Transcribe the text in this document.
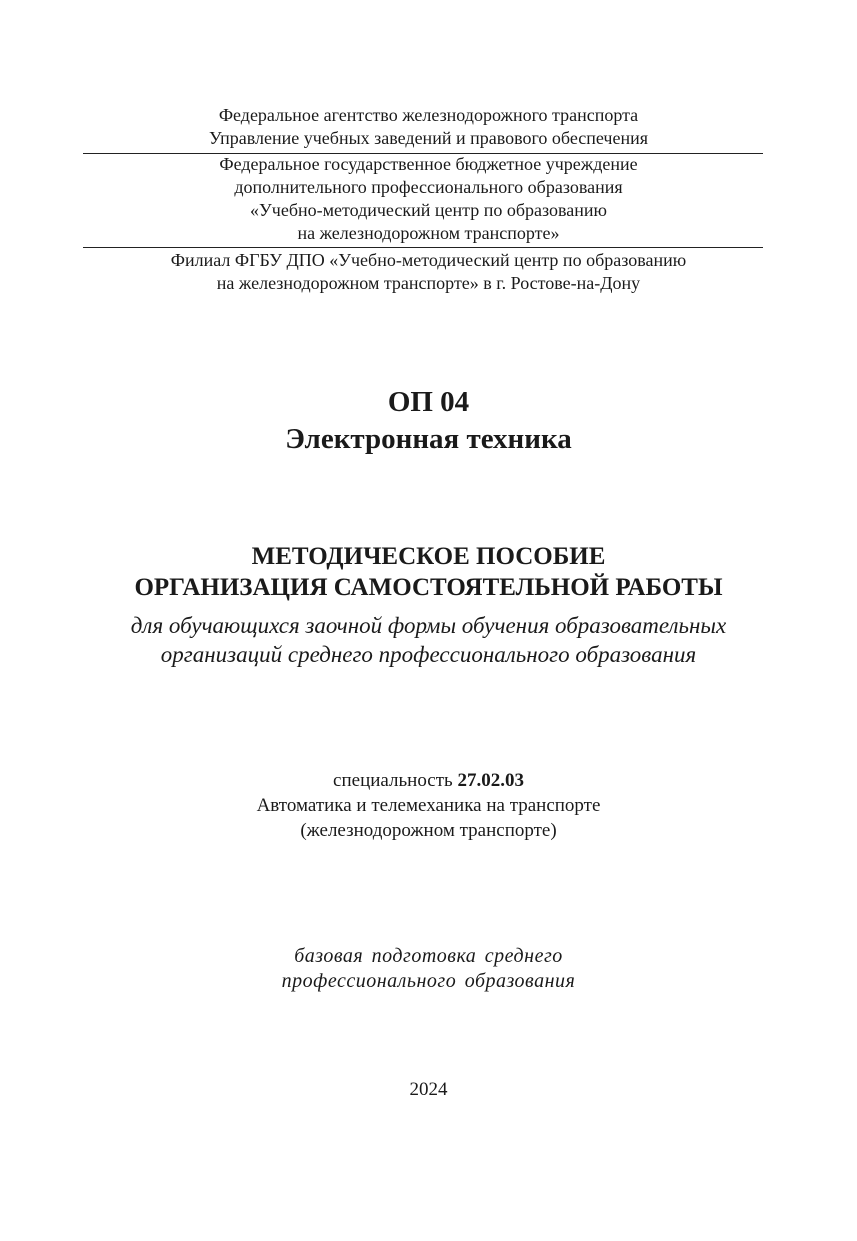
Федеральное агентство железнодорожного транспорта
Управление учебных заведений и правового обеспечения
Федеральное государственное бюджетное учреждение
дополнительного профессионального образования
«Учебно-методический центр по образованию
на железнодорожном транспорте»
Филиал ФГБУ ДПО «Учебно-методический центр по образованию
на железнодорожном транспорте» в г. Ростове-на-Дону
ОП 04
Электронная техника
МЕТОДИЧЕСКОЕ ПОСОБИЕ
ОРГАНИЗАЦИЯ САМОСТОЯТЕЛЬНОЙ РАБОТЫ
для обучающихся заочной формы обучения образовательных
организаций среднего профессионального образования
специальность 27.02.03
Автоматика и телемеханика на транспорте
(железнодорожном транспорте)
базовая подготовка среднего
профессионального образования
2024
